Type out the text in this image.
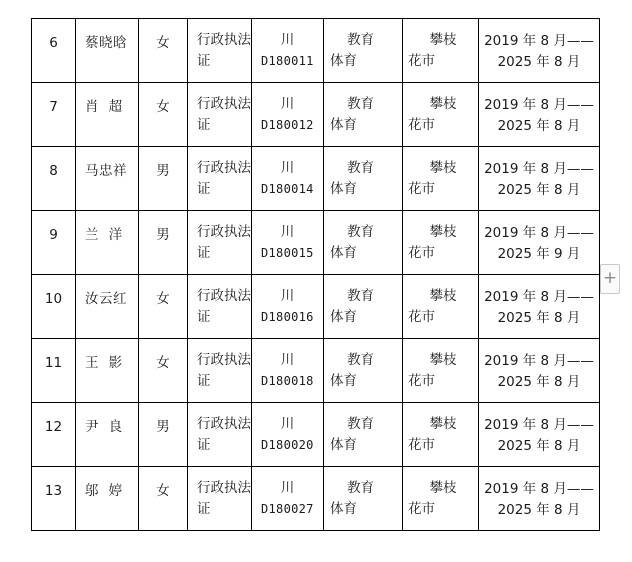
6	蔡晓晗	女	行政执法证	川
D180011	教育
体育	攀枝
花市	2019 年 8 月——
2025 年 8 月

7	肖  超	女	行政执法证	川
D180012	教育
体育	攀枝
花市	2019 年 8 月——
2025 年 8 月

8	马忠祥	男	行政执法证	川
D180014	教育
体育	攀枝
花市	2019 年 8 月——
2025 年 8 月

9	兰  洋	男	行政执法证	川
D180015	教育
体育	攀枝
花市	2019 年 8 月——
2025 年 9 月

10	汝云红	女	行政执法证	川
D180016	教育
体育	攀枝
花市	2019 年 8 月——
2025 年 8 月

11	王  影	女	行政执法证	川
D180018	教育
体育	攀枝
花市	2019 年 8 月——
2025 年 8 月

12	尹  良	男	行政执法证	川
D180020	教育
体育	攀枝
花市	2019 年 8 月——
2025 年 8 月

13	邬  婷	女	行政执法证	川
D180027	教育
体育	攀枝
花市	2019 年 8 月——
2025 年 8 月
+
